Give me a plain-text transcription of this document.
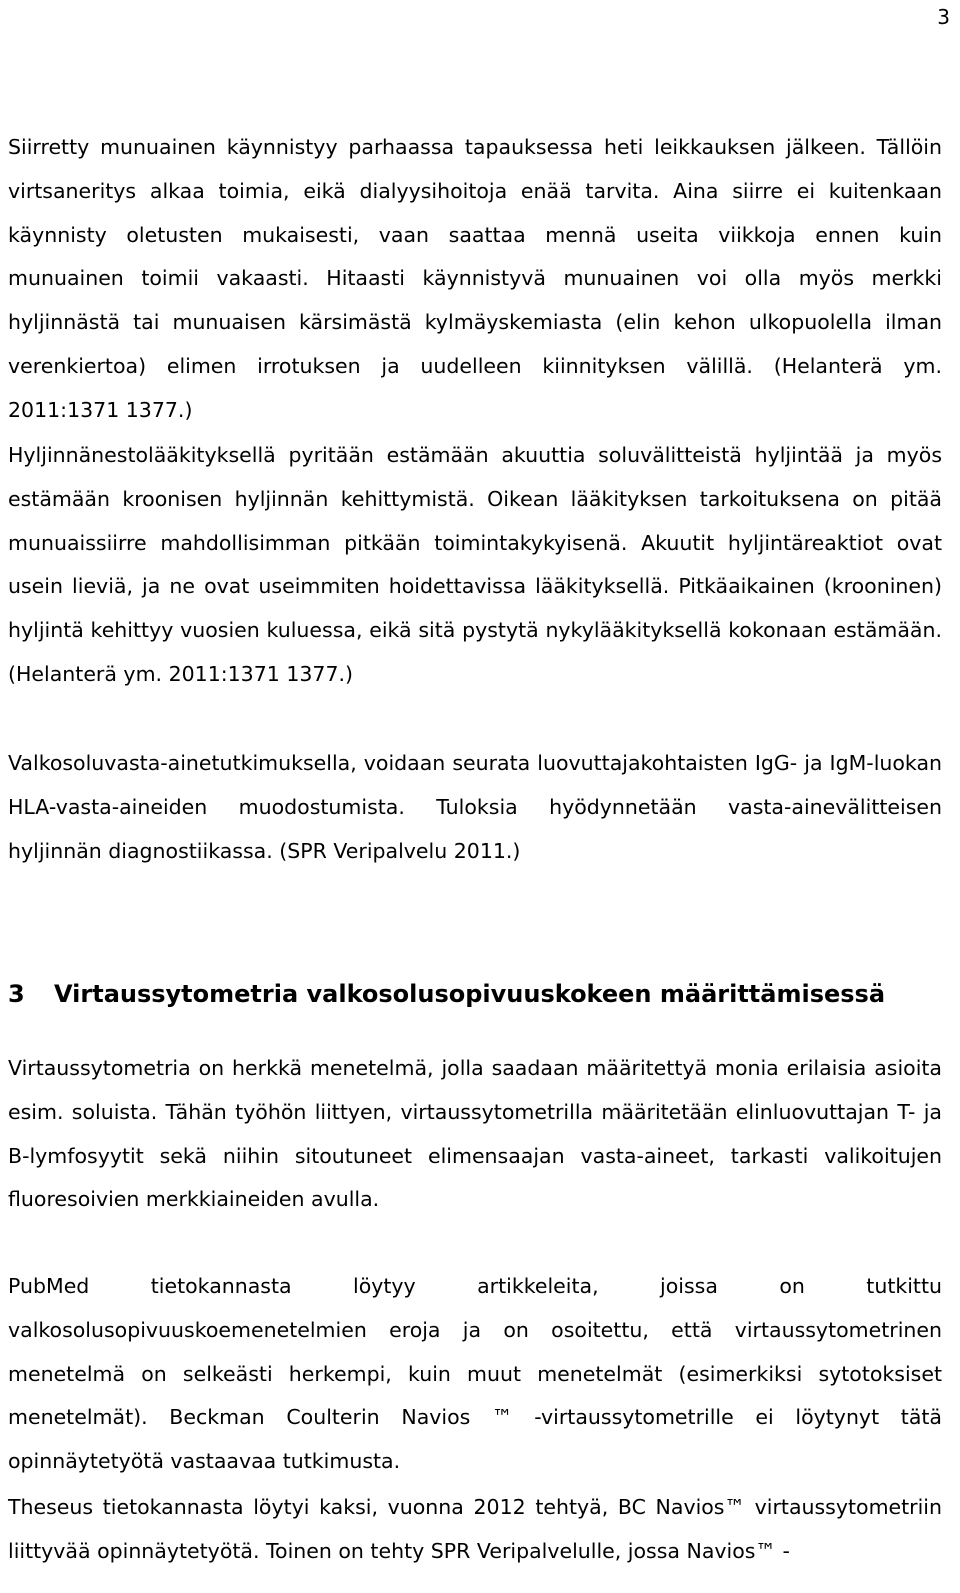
3

Siirretty munuainen käynnistyy parhaassa tapauksessa heti leikkauksen jälkeen. Tällöin virtsaneritys alkaa toimia, eikä dialyysihoitoja enää tarvita. Aina siirre ei kuitenkaan käynnisty oletusten mukaisesti, vaan saattaa mennä useita viikkoja ennen kuin munuainen toimii vakaasti. Hitaasti käynnistyvä munuainen voi olla myös merkki hyljinnästä tai munuaisen kärsimästä kylmäyskemiasta (elin kehon ulkopuolella ilman verenkiertoa) elimen irrotuksen ja uudelleen kiinnityksen välillä. (Helanterä ym. 2011:1371 1377.)

Hyljinnänestolääkityksellä pyritään estämään akuuttia soluvälitteistä hyljintää ja myös estämään kroonisen hyljinnän kehittymistä. Oikean lääkityksen tarkoituksena on pitää munuaissiirre mahdollisimman pitkään toimintakykyisenä. Akuutit hyljintäreaktiot ovat usein lieviä, ja ne ovat useimmiten hoidettavissa lääkityksellä. Pitkäaikainen (krooninen) hyljintä kehittyy vuosien kuluessa, eikä sitä pystytä nykylääkityksellä kokonaan estämään. (Helanterä ym. 2011:1371 1377.)

Valkosoluvasta-ainetutkimuksella, voidaan seurata luovuttajakohtaisten IgG- ja IgM-luokan HLA-vasta-aineiden muodostumista. Tuloksia hyödynnetään vasta-ainevälitteisen hyljinnän diagnostiikassa. (SPR Veripalvelu 2011.)

3 Virtaussytometria valkosolusopivuuskokeen määrittämisessä

Virtaussytometria on herkkä menetelmä, jolla saadaan määritettyä monia erilaisia asioita esim. soluista. Tähän työhön liittyen, virtaussytometrilla määritetään elinluovuttajan T- ja B-lymfosyytit sekä niihin sitoutuneet elimensaajan vasta-aineet, tarkasti valikoitujen fluoresoivien merkkiaineiden avulla.

PubMed tietokannasta löytyy artikkeleita, joissa on tutkittu valkosolusopivuuskoemenetelmien eroja ja on osoitettu, että virtaussytometrinen menetelmä on selkeästi herkempi, kuin muut menetelmät (esimerkiksi sytotoksiset menetelmät). Beckman Coulterin Navios ™ -virtaussytometrille ei löytynyt tätä opinnäytetyötä vastaavaa tutkimusta.

Theseus tietokannasta löytyi kaksi, vuonna 2012 tehtyä, BC Navios™ virtaussytometriin liittyvää opinnäytetyötä. Toinen on tehty SPR Veripalvelulle, jossa Navios™ -
